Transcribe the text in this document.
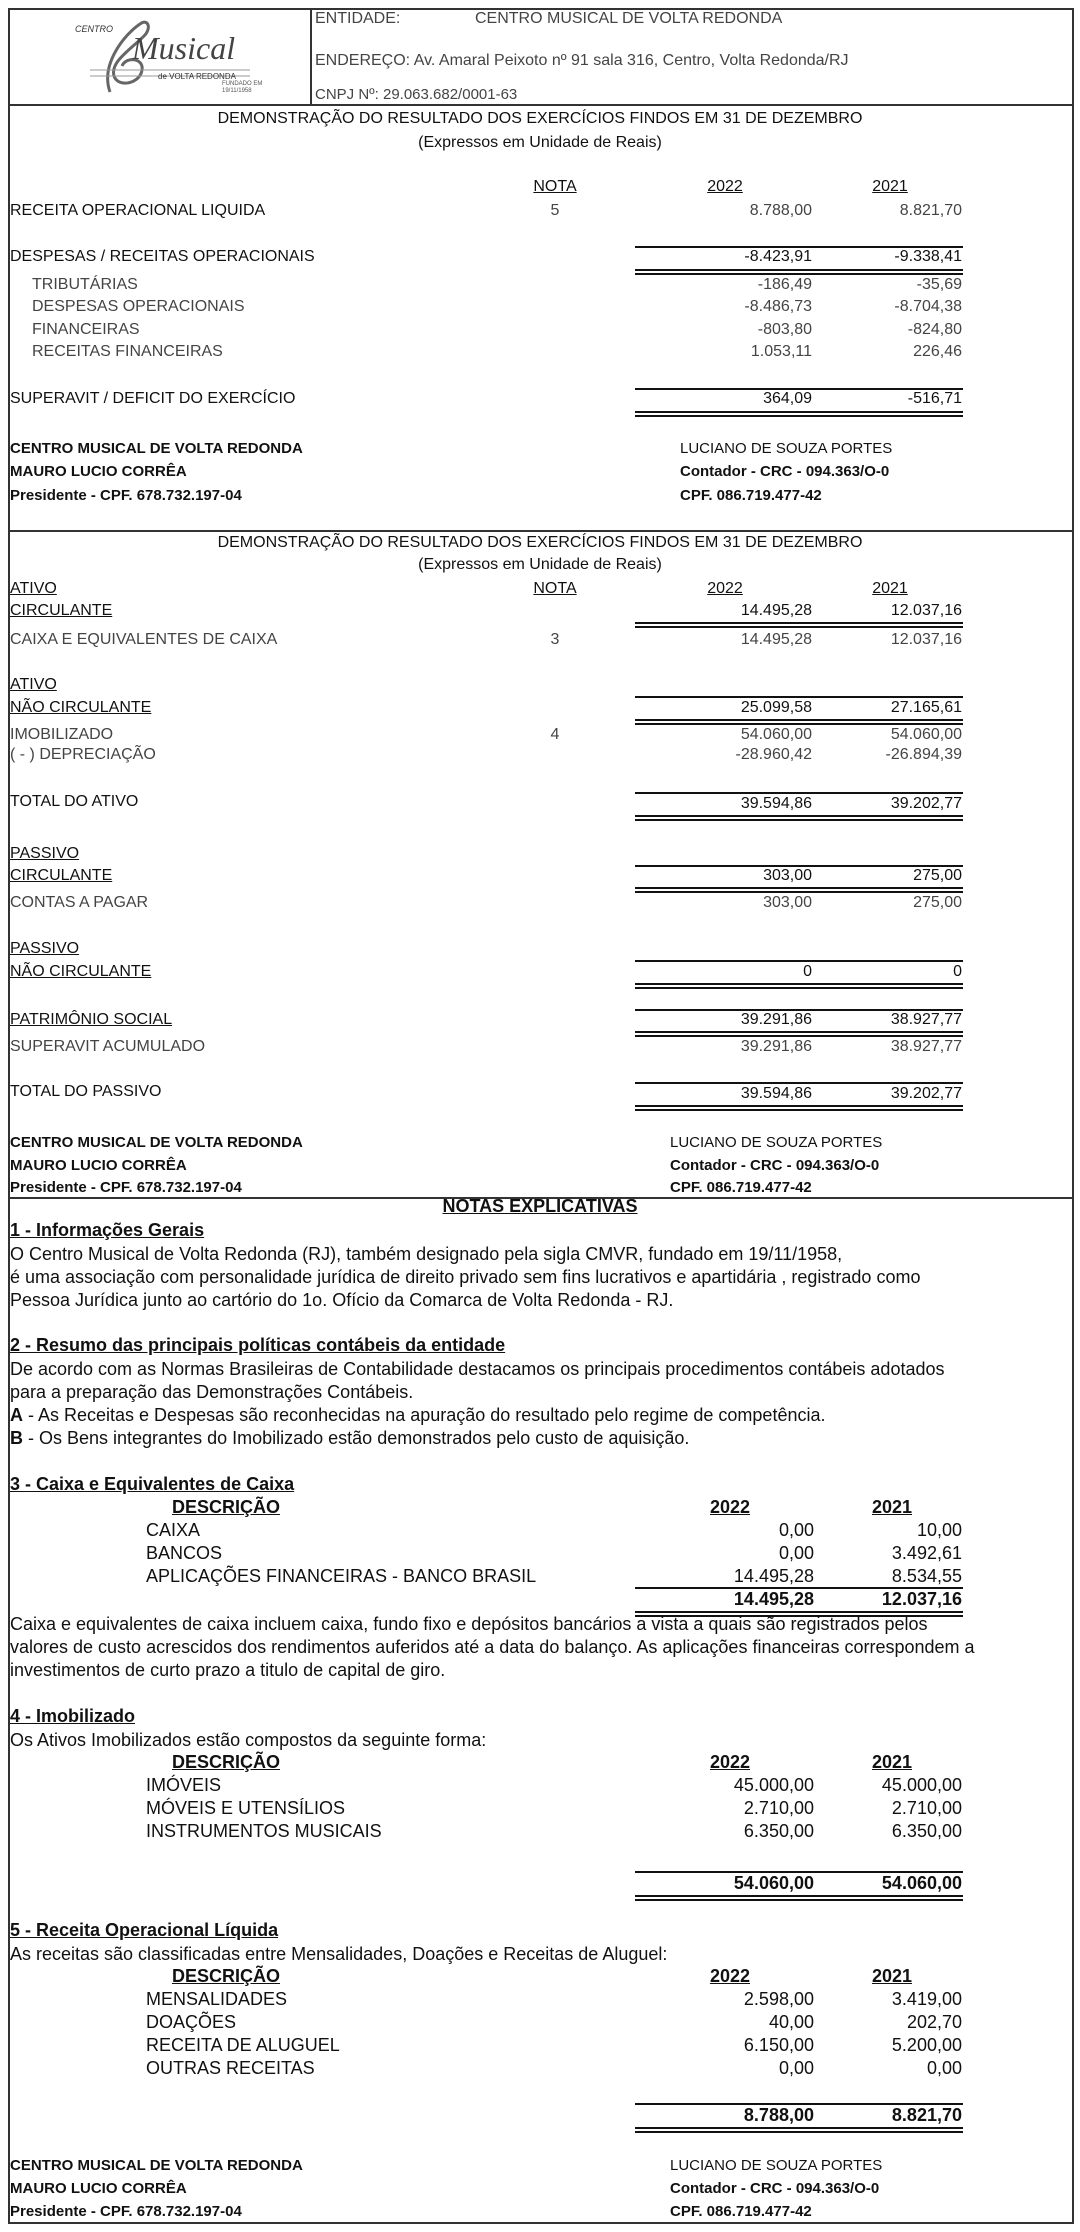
CENTRO
Musical
de VOLTA REDONDA
FUNDADO EM
19/11/1958
ENTIDADE:	CENTRO MUSICAL DE VOLTA REDONDA
ENDEREÇO: Av. Amaral Peixoto nº 91 sala 316, Centro, Volta Redonda/RJ
CNPJ Nº: 29.063.682/0001-63
DEMONSTRAÇÃO DO RESULTADO DOS EXERCÍCIOS FINDOS EM 31 DE DEZEMBRO
(Expressos em Unidade de Reais)
NOTA	2022	2021
RECEITA OPERACIONAL LIQUIDA	5	8.788,00	8.821,70
DESPESAS / RECEITAS OPERACIONAIS	-8.423,91	-9.338,41
TRIBUTÁRIAS	-186,49	-35,69
DESPESAS OPERACIONAIS	-8.486,73	-8.704,38
FINANCEIRAS	-803,80	-824,80
RECEITAS FINANCEIRAS	1.053,11	226,46
SUPERAVIT / DEFICIT DO EXERCÍCIO	364,09	-516,71
CENTRO MUSICAL DE VOLTA REDONDA
MAURO LUCIO CORRÊA
Presidente - CPF. 678.732.197-04
LUCIANO DE SOUZA PORTES
Contador - CRC - 094.363/O-0
CPF. 086.719.477-42
DEMONSTRAÇÃO DO RESULTADO DOS EXERCÍCIOS FINDOS EM 31 DE DEZEMBRO
(Expressos em Unidade de Reais)
ATIVO	NOTA	2022	2021
CIRCULANTE	14.495,28	12.037,16
CAIXA E EQUIVALENTES DE CAIXA	3	14.495,28	12.037,16
ATIVO
NÃO CIRCULANTE	25.099,58	27.165,61
IMOBILIZADO	4	54.060,00	54.060,00
( - ) DEPRECIAÇÃO	-28.960,42	-26.894,39
TOTAL DO ATIVO	39.594,86	39.202,77
PASSIVO
CIRCULANTE	303,00	275,00
CONTAS A PAGAR	303,00	275,00
PASSIVO
NÃO CIRCULANTE	0	0
PATRIMÔNIO SOCIAL	39.291,86	38.927,77
SUPERAVIT ACUMULADO	39.291,86	38.927,77
TOTAL DO PASSIVO	39.594,86	39.202,77
CENTRO MUSICAL DE VOLTA REDONDA
MAURO LUCIO CORRÊA
Presidente - CPF. 678.732.197-04
LUCIANO DE SOUZA PORTES
Contador - CRC - 094.363/O-0
CPF. 086.719.477-42
NOTAS EXPLICATIVAS
1 - Informações Gerais
O Centro Musical de Volta Redonda (RJ), também designado pela sigla CMVR, fundado em 19/11/1958,
é uma associação com personalidade jurídica de direito privado sem fins lucrativos e apartidária , registrado como
Pessoa Jurídica junto ao cartório do 1o. Ofício da Comarca de Volta Redonda - RJ.
2 - Resumo das principais políticas contábeis da entidade
De acordo com as Normas Brasileiras de Contabilidade destacamos os principais procedimentos contábeis adotados
para a preparação das Demonstrações Contábeis.
A - As Receitas e Despesas são reconhecidas na apuração do resultado pelo regime de competência.
B - Os Bens integrantes do Imobilizado estão demonstrados pelo custo de aquisição.
3 - Caixa e Equivalentes de Caixa
DESCRIÇÃO	2022	2021
CAIXA	0,00	10,00
BANCOS	0,00	3.492,61
APLICAÇÕES FINANCEIRAS - BANCO BRASIL	14.495,28	8.534,55
14.495,28	12.037,16
Caixa e equivalentes de caixa incluem caixa, fundo fixo e depósitos bancários a vista a quais são registrados pelos
valores de custo acrescidos dos rendimentos auferidos até a data do balanço. As aplicações financeiras correspondem a
investimentos de curto prazo a titulo de capital de giro.
4 - Imobilizado
Os Ativos Imobilizados estão compostos da seguinte forma:
DESCRIÇÃO	2022	2021
IMÓVEIS	45.000,00	45.000,00
MÓVEIS E UTENSÍLIOS	2.710,00	2.710,00
INSTRUMENTOS MUSICAIS	6.350,00	6.350,00
54.060,00	54.060,00
5 - Receita Operacional Líquida
As receitas são classificadas entre Mensalidades, Doações e Receitas de Aluguel:
DESCRIÇÃO	2022	2021
MENSALIDADES	2.598,00	3.419,00
DOAÇÕES	40,00	202,70
RECEITA DE ALUGUEL	6.150,00	5.200,00
OUTRAS RECEITAS	0,00	0,00
8.788,00	8.821,70
CENTRO MUSICAL DE VOLTA REDONDA
MAURO LUCIO CORRÊA
Presidente - CPF. 678.732.197-04
LUCIANO DE SOUZA PORTES
Contador - CRC - 094.363/O-0
CPF. 086.719.477-42
